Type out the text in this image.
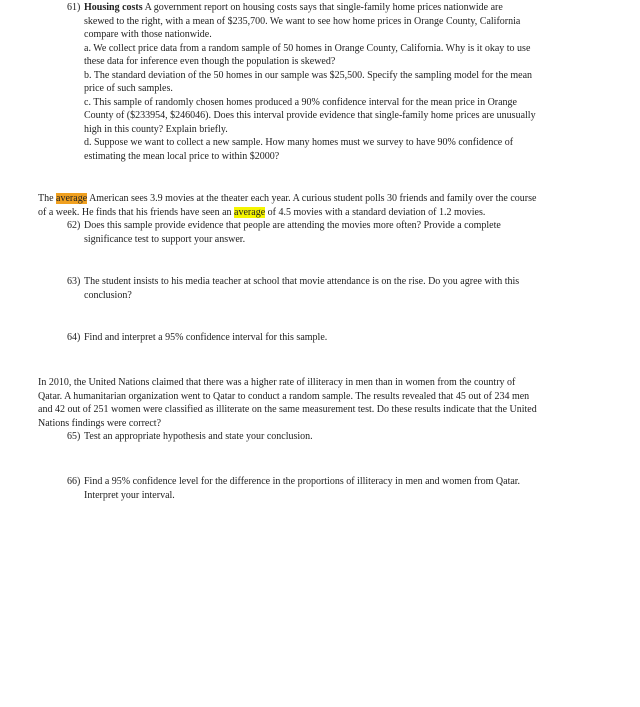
61) Housing costs A government report on housing costs says that single-family home prices nationwide are
skewed to the right, with a mean of $235,700. We want to see how home prices in Orange County, California
compare with those nationwide.
a. We collect price data from a random sample of 50 homes in Orange County, California. Why is it okay to use
these data for inference even though the population is skewed?
b. The standard deviation of the 50 homes in our sample was $25,500. Specify the sampling model for the mean
price of such samples.
c. This sample of randomly chosen homes produced a 90% confidence interval for the mean price in Orange
County of ($233954, $246046). Does this interval provide evidence that single-family home prices are unusually
high in this county? Explain briefly.
d. Suppose we want to collect a new sample. How many homes must we survey to have 90% confidence of
estimating the mean local price to within $2000?
The average American sees 3.9 movies at the theater each year. A curious student polls 30 friends and family over the course
of a week. He finds that his friends have seen an average of 4.5 movies with a standard deviation of 1.2 movies.
62) Does this sample provide evidence that people are attending the movies more often? Provide a complete
significance test to support your answer.
63) The student insists to his media teacher at school that movie attendance is on the rise. Do you agree with this
conclusion?
64) Find and interpret a 95% confidence interval for this sample.
In 2010, the United Nations claimed that there was a higher rate of illiteracy in men than in women from the country of
Qatar. A humanitarian organization went to Qatar to conduct a random sample. The results revealed that 45 out of 234 men
and 42 out of 251 women were classified as illiterate on the same measurement test. Do these results indicate that the United
Nations findings were correct?
65) Test an appropriate hypothesis and state your conclusion.
66) Find a 95% confidence level for the difference in the proportions of illiteracy in men and women from Qatar.
Interpret your interval.
